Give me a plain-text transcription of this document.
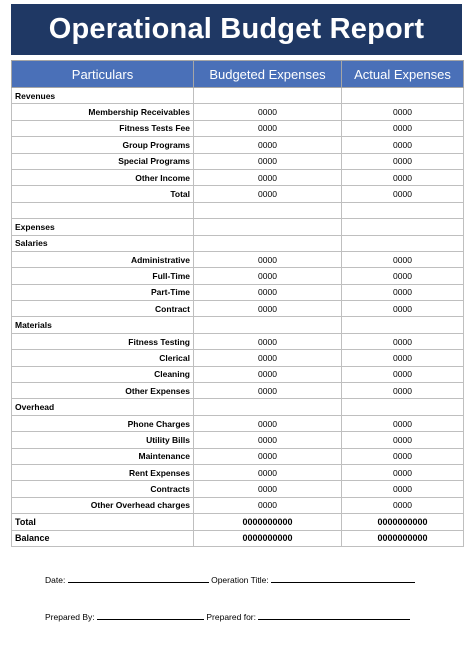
Operational Budget Report
Particulars	Budgeted Expenses	Actual Expenses
Revenues		
Membership Receivables	0000	0000
Fitness Tests Fee	0000	0000
Group Programs	0000	0000
Special Programs	0000	0000
Other Income	0000	0000
Total	0000	0000

Expenses		
Salaries		
Administrative	0000	0000
Full-Time	0000	0000
Part-Time	0000	0000
Contract	0000	0000
Materials		
Fitness Testing	0000	0000
Clerical	0000	0000
Cleaning	0000	0000
Other Expenses	0000	0000
Overhead		
Phone Charges	0000	0000
Utility Bills	0000	0000
Maintenance	0000	0000
Rent Expenses	0000	0000
Contracts	0000	0000
Other Overhead charges	0000	0000
Total	0000000000	0000000000
Balance	0000000000	0000000000
Date:	Operation Title:
Prepared By:	Prepared for:
